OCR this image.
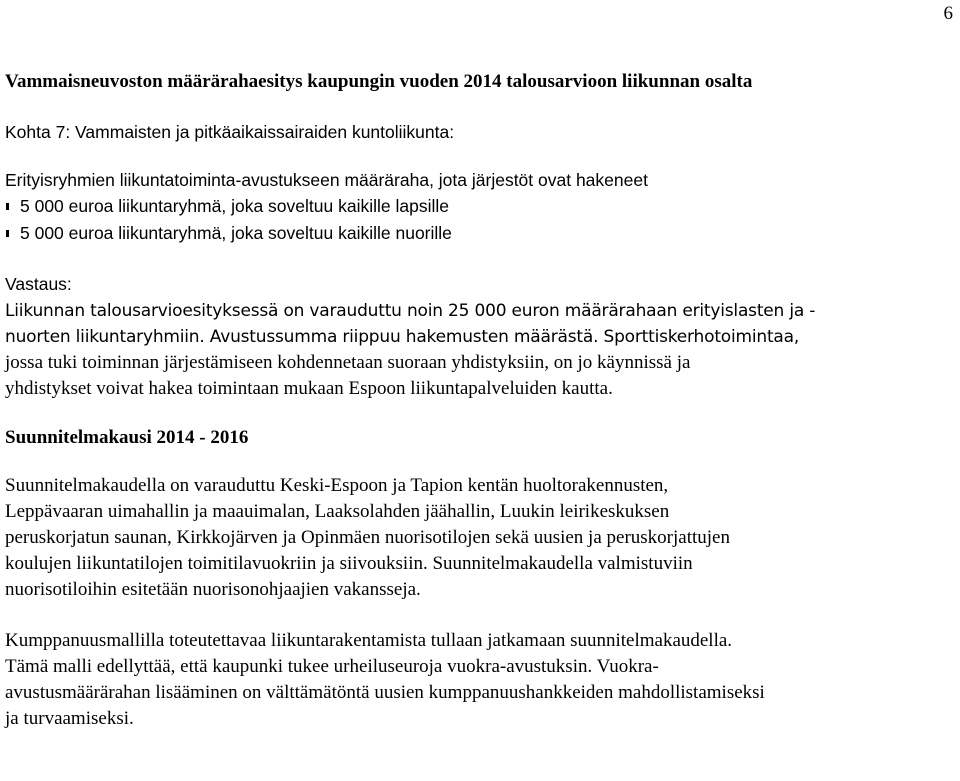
6

Vammaisneuvoston määrärahaesitys kaupungin vuoden 2014 talousarvioon liikunnan osalta

Kohta 7: Vammaisten ja pitkäaikaissairaiden kuntoliikunta:

Erityisryhmien liikuntatoiminta-avustukseen määräraha, jota järjestöt ovat hakeneet
5 000 euroa liikuntaryhmä, joka soveltuu kaikille lapsille
5 000 euroa liikuntaryhmä, joka soveltuu kaikille nuorille
Vastaus:
Liikunnan talousarvioesityksessä on varauduttu noin 25 000 euron määrärahaan erityislasten ja -
nuorten liikuntaryhmiin. Avustussumma riippuu hakemusten määrästä. Sporttiskerhotoimintaa,
jossa tuki toiminnan järjestämiseen kohdennetaan suoraan yhdistyksiin, on jo käynnissä ja
yhdistykset voivat hakea toimintaan mukaan Espoon liikuntapalveluiden kautta.
Suunnitelmakausi 2014 - 2016
Suunnitelmakaudella on varauduttu Keski-Espoon ja Tapion kentän huoltorakennusten,
Leppävaaran uimahallin ja maauimalan, Laaksolahden jäähallin, Luukin leirikeskuksen
peruskorjatun saunan, Kirkkojärven ja Opinmäen nuorisotilojen sekä uusien ja peruskorjattujen
koulujen liikuntatilojen toimitilavuokriin ja siivouksiin. Suunnitelmakaudella valmistuviin
nuorisotiloihin esitetään nuorisonohjaajien vakansseja.
Kumppanuusmallilla toteutettavaa liikuntarakentamista tullaan jatkamaan suunnitelmakaudella.
Tämä malli edellyttää, että kaupunki tukee urheiluseuroja vuokra-avustuksin. Vuokra-
avustusmäärärahan lisääminen on välttämätöntä uusien kumppanuushankkeiden mahdollistamiseksi
ja turvaamiseksi.
